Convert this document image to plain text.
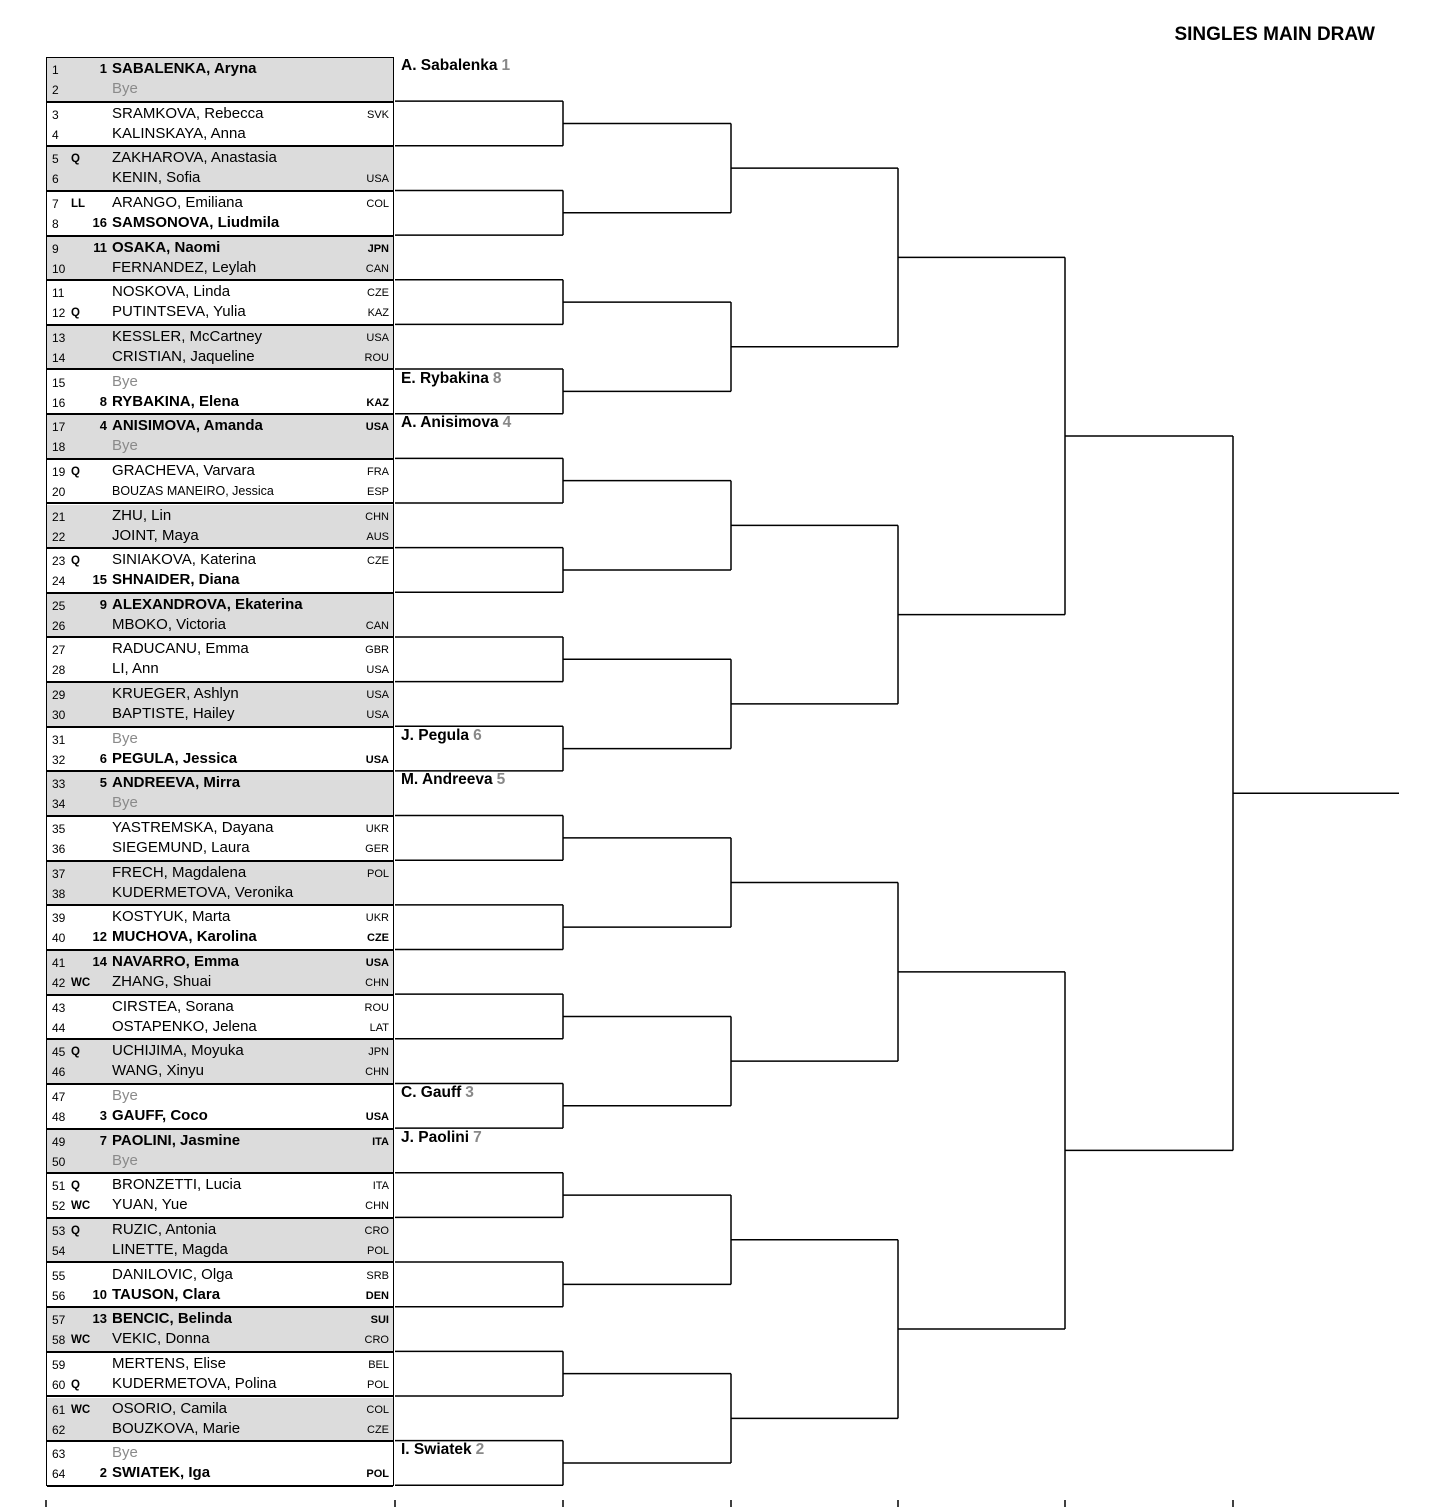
SINGLES MAIN DRAW
1	1 SABALENKA, Aryna
2	Bye
3	SRAMKOVA, Rebecca	SVK
4	KALINSKAYA, Anna
5	Q	ZAKHAROVA, Anastasia
6	KENIN, Sofia	USA
7	LL	ARANGO, Emiliana	COL
8	16 SAMSONOVA, Liudmila
9	11 OSAKA, Naomi	JPN
10	FERNANDEZ, Leylah	CAN
11	NOSKOVA, Linda	CZE
12 Q	PUTINTSEVA, Yulia	KAZ
13	KESSLER, McCartney	USA
14	CRISTIAN, Jaqueline	ROU
15	Bye
16	8 RYBAKINA, Elena	KAZ
17	4 ANISIMOVA, Amanda	USA
18	Bye
19 Q	GRACHEVA, Varvara	FRA
20	BOUZAS MANEIRO, Jessica	ESP
21	ZHU, Lin	CHN
22	JOINT, Maya	AUS
23 Q	SINIAKOVA, Katerina	CZE
24	15 SHNAIDER, Diana
25	9 ALEXANDROVA, Ekaterina
26	MBOKO, Victoria	CAN
27	RADUCANU, Emma	GBR
28	LI, Ann	USA
29	KRUEGER, Ashlyn	USA
30	BAPTISTE, Hailey	USA
31	Bye
32	6 PEGULA, Jessica	USA
33	5 ANDREEVA, Mirra
34	Bye
35	YASTREMSKA, Dayana	UKR
36	SIEGEMUND, Laura	GER
37	FRECH, Magdalena	POL
38	KUDERMETOVA, Veronika
39	KOSTYUK, Marta	UKR
40	12 MUCHOVA, Karolina	CZE
41	14 NAVARRO, Emma	USA
42 WC ZHANG, Shuai	CHN
43	CIRSTEA, Sorana	ROU
44	OSTAPENKO, Jelena	LAT
45 Q	UCHIJIMA, Moyuka	JPN
46	WANG, Xinyu	CHN
47	Bye
48	3 GAUFF, Coco	USA
49	7 PAOLINI, Jasmine	ITA
50	Bye
51 Q	BRONZETTI, Lucia	ITA
52 WC YUAN, Yue	CHN
53 Q	RUZIC, Antonia	CRO
54	LINETTE, Magda	POL
55	DANILOVIC, Olga	SRB
56	10 TAUSON, Clara	DEN
57	13 BENCIC, Belinda	SUI
58 WC VEKIC, Donna	CRO
59	MERTENS, Elise	BEL
60 Q	KUDERMETOVA, Polina	POL
61 WC OSORIO, Camila	COL
62	BOUZKOVA, Marie	CZE
63	Bye
64	2 SWIATEK, Iga	POL
A. Sabalenka 1
E. Rybakina 8
A. Anisimova 4
J. Pegula 6
M. Andreeva 5
C. Gauff 3
J. Paolini 7
I. Swiatek 2
